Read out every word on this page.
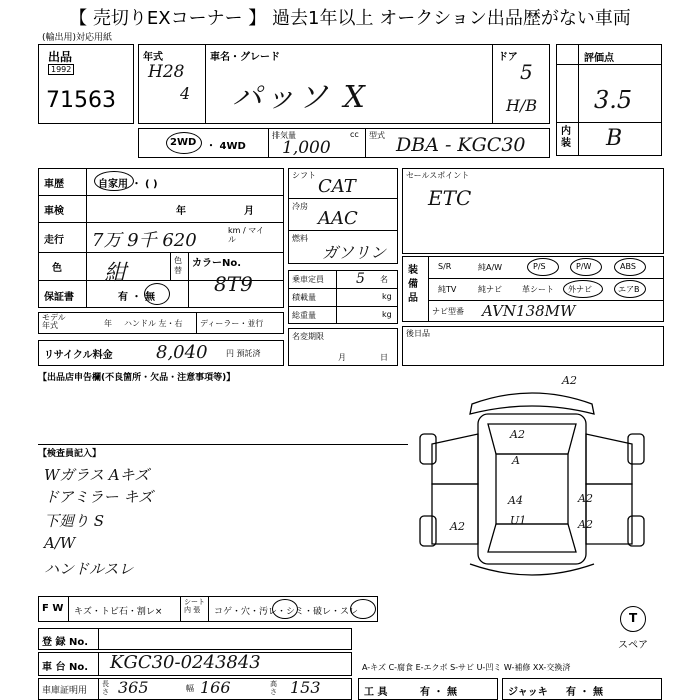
【 売切りEXコーナー 】 過去1年以上 オークション出品歴がない車両
(輸出用)対応用紙
出品
1992
71563
年式
H28
4
車名・グレード
パッソ X
ドア
5
H/B
評価点
3.5
内装 B
2WD ・ 4WD
排気量	cc
1,000
型式 DBA - KGC30
車歴	自家用 ・ ( )
車検	年	月
走行 7万 9千 620	km / マイル
色 紺
色替
カラーNo.
8T9
保証書	有 ・ 無
モデル年式	年 ハンドル 左・右 ディーラー・並行
リサイクル料金 8,040 円 預託済
シフト
CAT
冷房
AAC
燃料
ガソリン
乗車定員 5 名
積載量	kg
総重量	kg
名変期限
月	日
セールスポイント
ETC
装備品
S/R	純A/W	P/S	P/W	ABS
純TV	純ナビ	革シート 外ナビ	エアB
ナビ型番 AVN138MW
後日品
【出品店申告欄(不良箇所・欠品・注意事項等)】
【検査員記入】
Wガラス Aキズ
ドアミラー キズ
下廻り S
A/W
ハンドルスレ
A2
A2
A
A4
U1
A2
A2	A2
T
スペア
F W キズ・トビ石・割レ×
シート 内 張	コゲ・穴・汚レ・シミ・破レ・スレ
登 録 No.
車 台 No. KGC30-0243843	A-キズ C-腐食 E-エクボ S-サビ U-凹ミ W-補修 XX-交換済
車庫証明用
長さ 365	幅 166	高さ 153	工 具	有 ・ 無	ジャッキ 有 ・ 無
